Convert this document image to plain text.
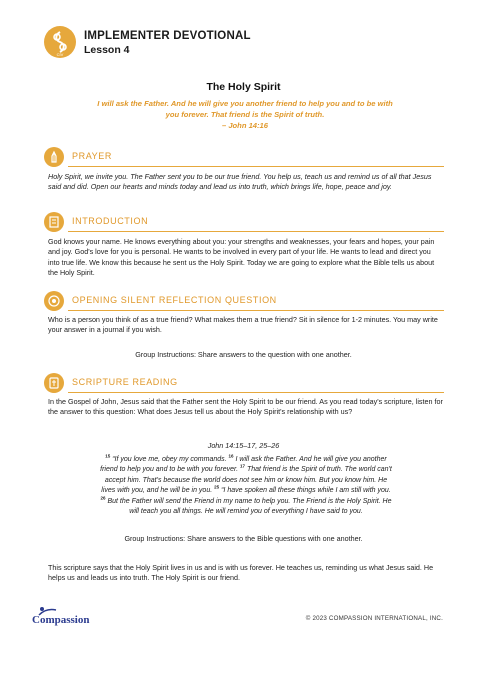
CIV
IMPLEMENTER DEVOTIONAL
Lesson 4
The Holy Spirit
I will ask the Father. And he will give you another friend to help you and to be with you forever. That friend is the Spirit of truth.
– John 14:16
PRAYER
Holy Spirit, we invite you. The Father sent you to be our true friend. You help us, teach us and remind us of all that Jesus said and did. Open our hearts and minds today and lead us into truth, which brings life, hope, peace and joy.
INTRODUCTION
God knows your name. He knows everything about you: your strengths and weaknesses, your fears and hopes, your pain and joy. God's love for you is personal. He wants to be involved in every part of your life. He wants to lead and direct you into true life. We know this because he sent us the Holy Spirit. Today we are going to explore what the Bible tells us about the Holy Spirit.
OPENING SILENT REFLECTION QUESTION
Who is a person you think of as a true friend? What makes them a true friend? Sit in silence for 1-2 minutes. You may write your answer in a journal if you wish.
Group Instructions: Share answers to the question with one another.
SCRIPTURE READING
In the Gospel of John, Jesus said that the Father sent the Holy Spirit to be our friend. As you read today's scripture, listen for the answer to this question: What does Jesus tell us about the Holy Spirit's relationship with us?
John 14:15–17, 25–26
$^{15}$ “If you love me, obey my commands. $^{16}$ I will ask the Father. And he will give you another friend to help you and to be with you forever. $^{17}$ That friend is the Spirit of truth. The world can't accept him. That's because the world does not see him or know him. But you know him. He lives with you, and he will be in you. $^{25}$ “I have spoken all these things while I am still with you. $^{26}$ But the Father will send the Friend in my name to help you. The Friend is the Holy Spirit. He will teach you all things. He will remind you of everything I have said to you.
Group Instructions: Share answers to the Bible questions with one another.
This scripture says that the Holy Spirit lives in us and is with us forever. He teaches us, reminding us what Jesus said. He helps us and leads us into truth. The Holy Spirit is our friend.
Compassion	© 2023 COMPASSION INTERNATIONAL, INC.
